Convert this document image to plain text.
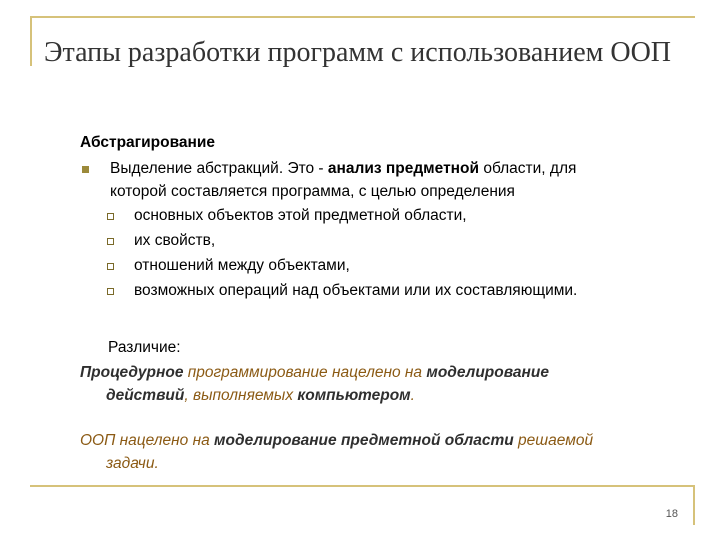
Этапы разработки программ с использованием ООП
Абстрагирование
Выделение абстракций. Это - анализ предметной области, для
которой составляется программа, с целью определения
основных объектов этой предметной области,
их свойств,
отношений между объектами,
возможных операций над объектами или их составляющими.
Различие:
Процедурное программирование нацелено на моделирование
действий, выполняемых компьютером.
ООП нацелено на моделирование предметной области решаемой
задачи.
18
